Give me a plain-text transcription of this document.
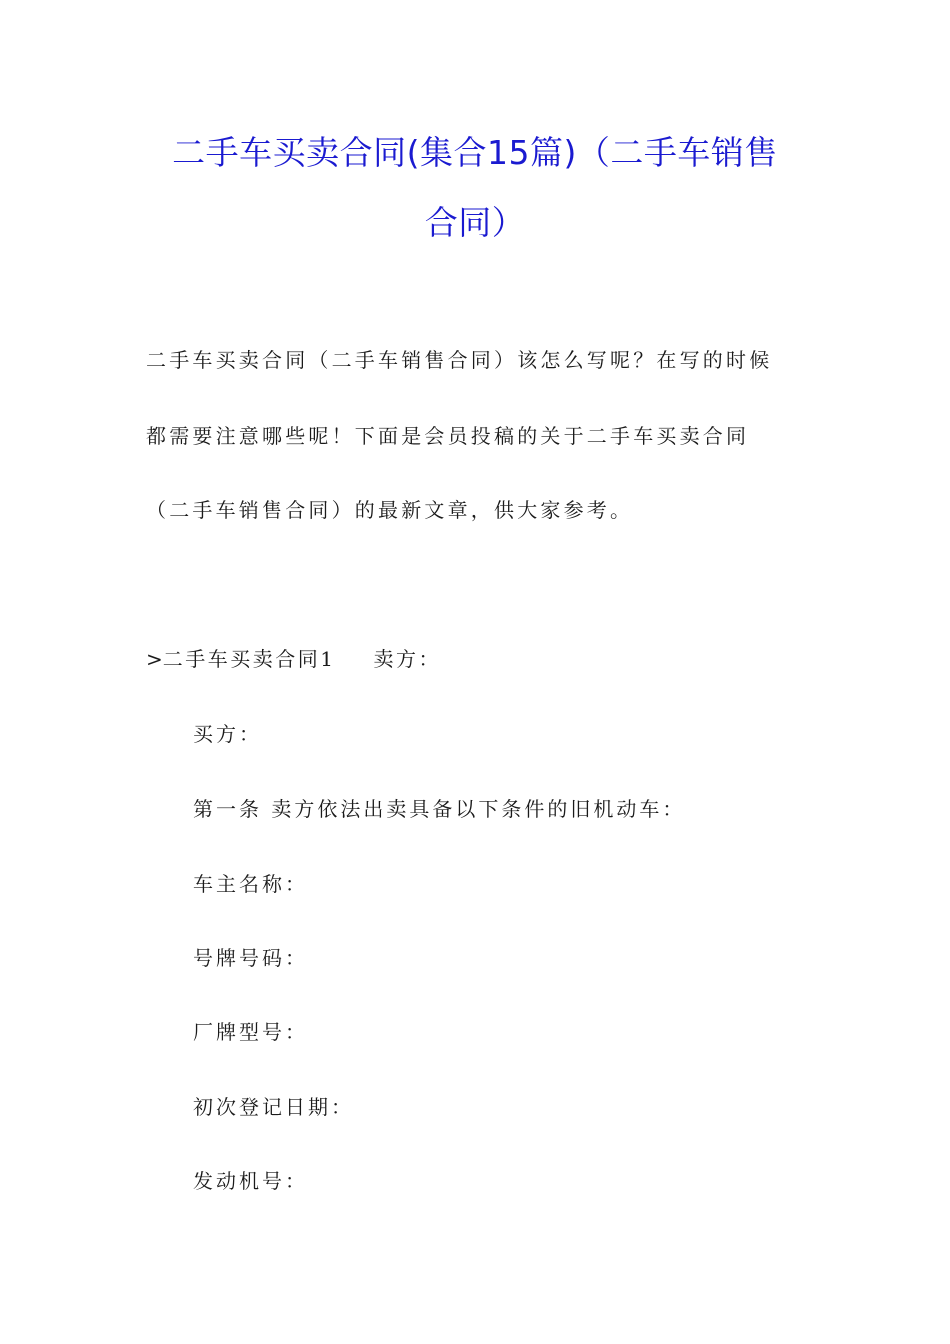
二手车买卖合同(集合15篇)（二手车销售
合同）
二手车买卖合同（二手车销售合同）该怎么写呢？在写的时候
都需要注意哪些呢！下面是会员投稿的关于二手车买卖合同
（二手车销售合同）的最新文章，供大家参考。
>二手车买卖合同1 卖方：
买方：
第一条 卖方依法出卖具备以下条件的旧机动车：
车主名称：
号牌号码：
厂牌型号：
初次登记日期：
发动机号：
